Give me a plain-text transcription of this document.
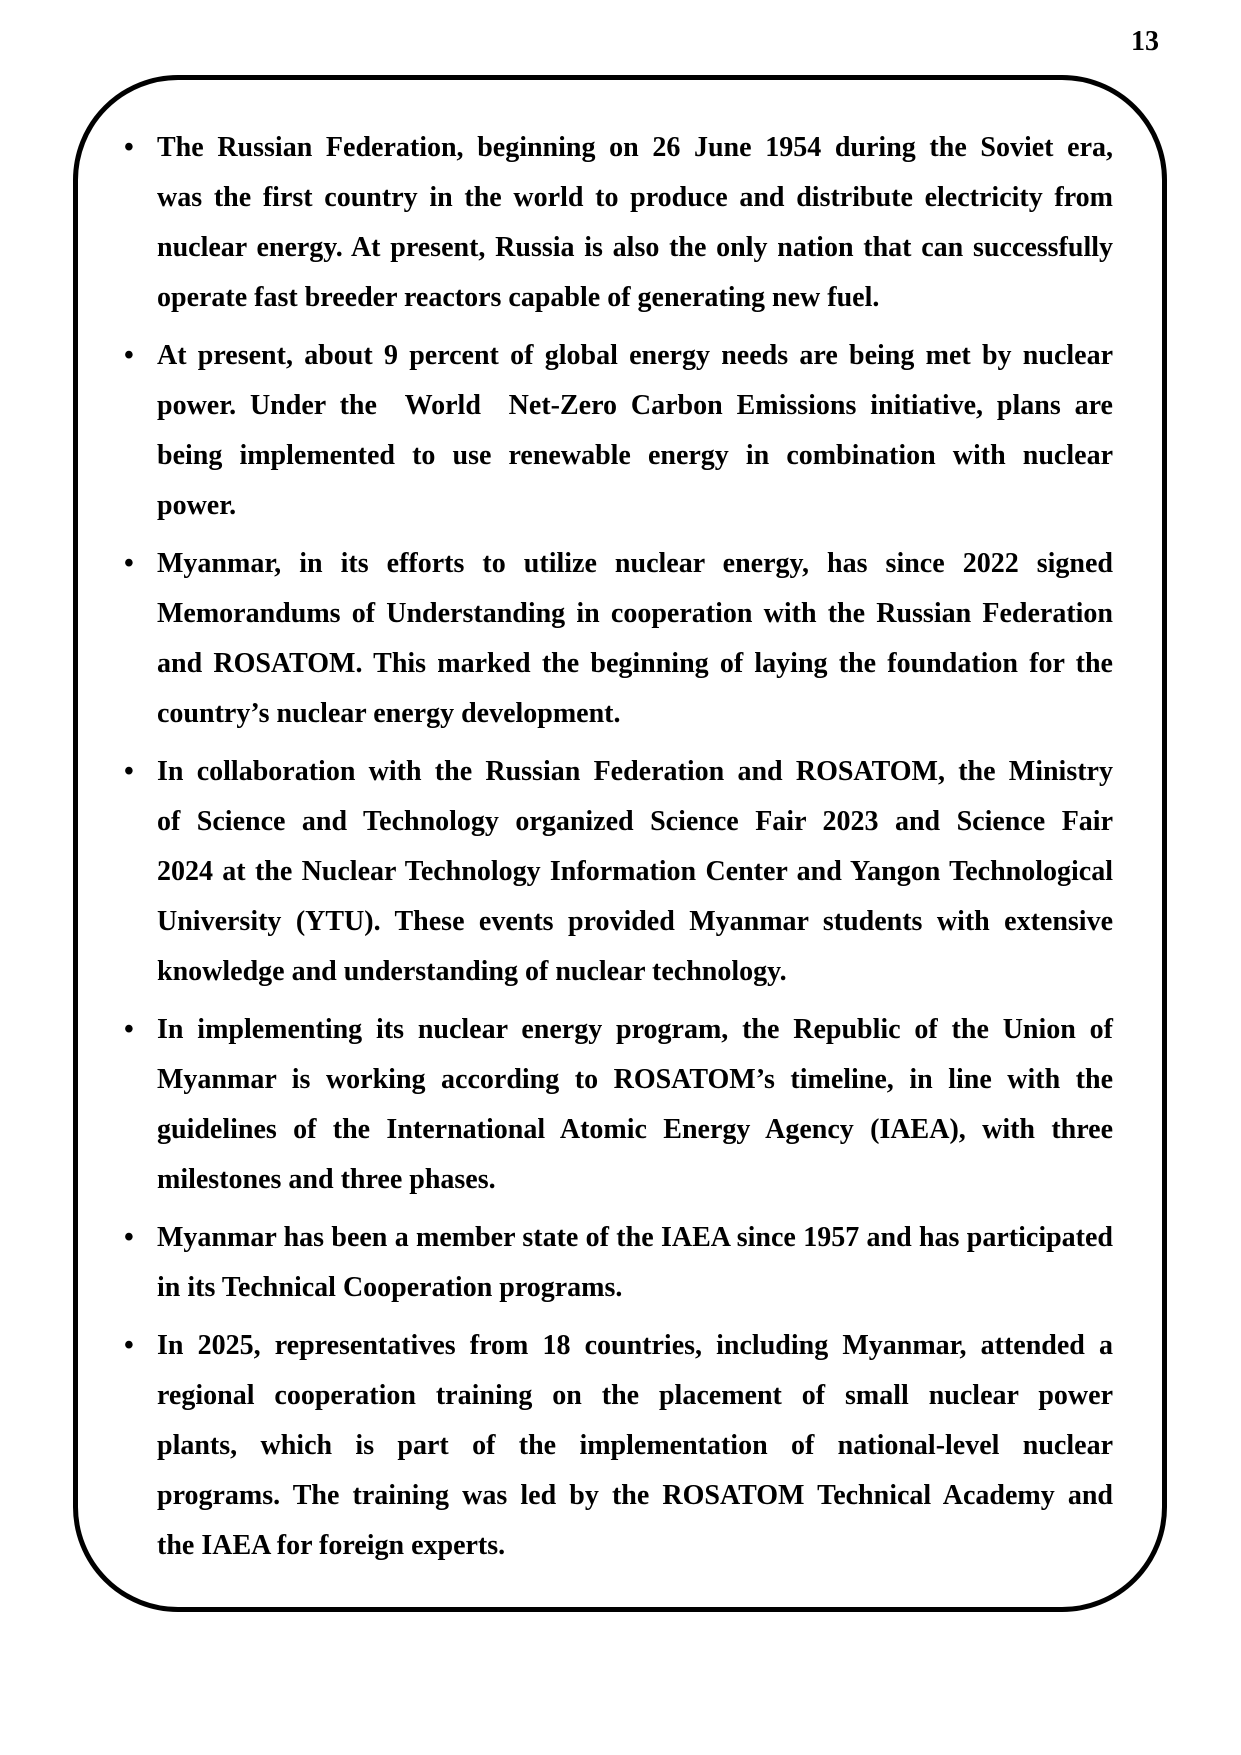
13
• The Russian Federation, beginning on 26 June 1954 during the Soviet era,
was the first country in the world to produce and distribute electricity from
nuclear energy. At present, Russia is also the only nation that can successfully
operate fast breeder reactors capable of generating new fuel.
• At present, about 9 percent of global energy needs are being met by nuclear
power. Under the  World  Net-Zero Carbon Emissions initiative, plans are
being implemented to use renewable energy in combination with nuclear
power.
• Myanmar, in its efforts to utilize nuclear energy, has since 2022 signed
Memorandums of Understanding in cooperation with the Russian Federation
and ROSATOM. This marked the beginning of laying the foundation for the
country’s nuclear energy development.
• In collaboration with the Russian Federation and ROSATOM, the Ministry
of Science and Technology organized Science Fair 2023 and Science Fair
2024 at the Nuclear Technology Information Center and Yangon Technological
University (YTU). These events provided Myanmar students with extensive
knowledge and understanding of nuclear technology.
• In implementing its nuclear energy program, the Republic of the Union of
Myanmar is working according to ROSATOM’s timeline, in line with the
guidelines of the International Atomic Energy Agency (IAEA), with three
milestones and three phases.
• Myanmar has been a member state of the IAEA since 1957 and has participated
in its Technical Cooperation programs.
• In 2025, representatives from 18 countries, including Myanmar, attended a
regional cooperation training on the placement of small nuclear power
plants, which is part of the implementation of national-level nuclear
programs. The training was led by the ROSATOM Technical Academy and
the IAEA for foreign experts.
